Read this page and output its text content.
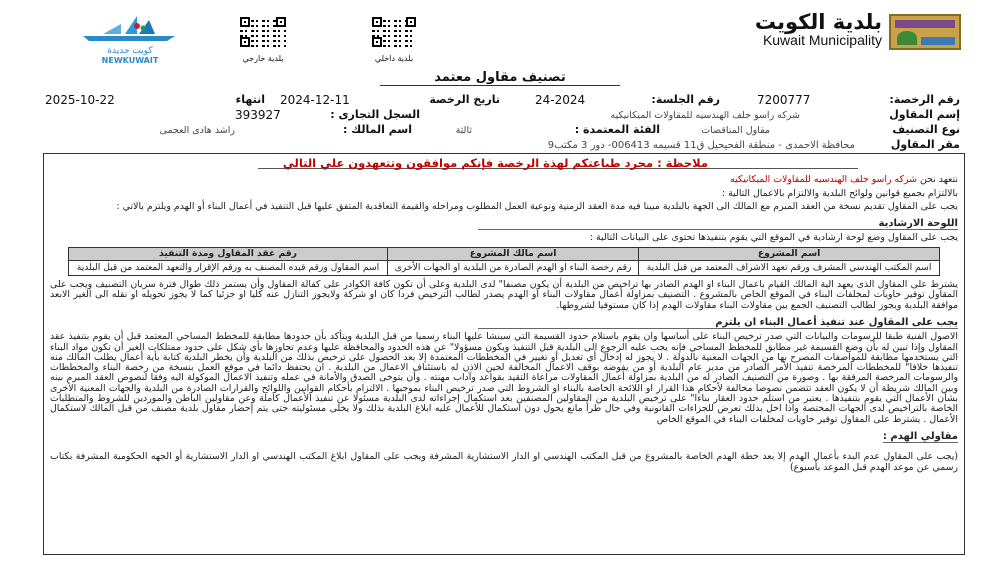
بلدية الكويت
Kuwait Municipality
بلدية داخلي
بلدية خارجي
كويت جديدة
NEWKUWAIT
تصنيف مقاول معتمد
رقم الرخصة:
7200777
رقم الجلسة:
24-2024
تاريخ الرخصة
2024-12-11
انتهاء
2025-10-22
إسم المقاول
شركه راسو جلف الهندسيه للمقاولات الميكانيكيه
السجل التجارى :
393927
نوع التصنيف
مقاول المناقصات
الفئة المعتمدة :
ثالثة
اسم المالك :
راشد هادى العجمى
مقر المقاول
محافظة الاحمدى - منطقة الفحيحيل ق11 قسيمه 006413- دور 3 مكتب9
ملاحظة : مجرد طباعتكم لهذة الرخصة فإنكم موافقون وتتعهدون علي التالي
نتعهد نحن شركه راسو جلف الهندسيه للمقاولات الميكانيكيه
بالالتزام بجميع قوانين ولوائح البلدية والالتزام بالاعمال التالية :
يجب على المقاول تقديم نسخة من العقد المبرم مع المالك الى الجهة بالبلدية مبينا فيه مدة العقد الزمنية ونوعية العمل المطلوب ومراحله والقيمة التعاقدية المتفق عليها قبل التنفيذ في أعمال البناء أو الهدم ويلتزم بالاتي :
اللوحة الارشادية
يجب على المقاول وضع لوحة ارشادية في الموقع التي يقوم بتنفيذها تحتوى على البيانات التالية :
اسم المشروع	اسم مالك المشروع	رقم عقد المقاول ومدة التنفيذ
اسم المكتب الهندسي المشرف ورقم تعهد الاشراف المعتمد من قبل البلدية	رقم رخصة البناء او الهدم الصادرة من البلدية او الجهات الأخرى	اسم المقاول ورقم قيده المصنف به ورقم الإقرار والتعهد المعتمد من قبل البلدية
يشترط على المقاول الذى يعهد الية المالك القيام باعمال البناء او الهدم الصادر بها تراخيص من البلدية أن يكون مصنفا" لدى البلدية وعلى أن تكون كافة الكوادر على كفالة المقاول وأن يستمر ذلك طوال فترة سريان التصنيف ويجب على المقاول توفير حاويات لمخلفات البناء في الموقع الخاص بالمشروع . التصنيف بمزاولة أعمال مقاولات البناء او الهدم يصدر لطالب الترخيص فردا كان او شركة ولايجوز التنازل عنه كليا او جزئيا كما لا يجوز تحويله او نقله الى الغير الابعد موافقة البلدية ويجوز لطالب التصنيف الجمع بين مقاولات البناء مقاولات الهدم إذا كان مستوفيا لشروطها.
يجب على المقاول عند تنفيذ أعمال البناء ان يلتزم
الاصول الفنية طبقا للرسومات والبيانات التي صدر ترخيص البناء على أساسها وان يقوم باستلام حدود القسيمة التي سينشا عليها البناء رسميا من قبل البلدية ويتأكد بأن حدودها مطابقة للمخطط المساحي المعتمد قبل أن يقوم بتنفيذ عقد المقاول وإذا تبين له بأن وضع القسيمة غير مطابق للمخطط المساحي فإنه يجب عليه الرجوع الى البلدية قبل التنفيذ ويكون مسؤولا" عن هذه الحدود والمحافظة عليها وعدم تجاوزها بأي شكل على حدود ممتلكات الغير أن تكون مواد البناء التي يستخدمها مطابقة للمواصفات المصرح بها من الجهات المعنية بالدولة . لا يجوز له إدخال أي تعديل أو تغيير في المخططات المعتمدة إلا بعد الحصول على ترخيص بذلك من البلدية وأن يخطر البلدية كتابة بأية أعمال يطلب المالك منه تنفيذها خلافا" للمخططات المرخصة تنفيذ الأمر الصادر من مدير عام البلدية أو من يفوضه بوقف الاعمال المخالفة لحين الاذن له باستئناف الاعمال من البلدية . ان يحتفظ دائما في موقع العمل بنسخة من رخصة البناء والمخططات والرسومات المرخصة المرفقة بها . وصورة من التصنيف الصادر له من البلدية بمزاولة أعمال المقاولات مراعاة التقيد بقواعد وآداب مهنته . وأن يتوخى الصدق والأمانة في عمله وتنفيذ الاعمال الموكولة اليه وفقا لنصوص العقد المبرم بينه وبين المالك شريطة أن لا يكون العقد تتضمن نصوصا مخالفة لأحكام هذا القرار او اللائحة الخاصة بالبناء او الشروط التي صدر ترخيص البناء بموجبها . الالتزام بأحكام القوانين واللوائح والقرارات الصادرة من البلدية والجهات المعنية الأخرى بشأن الأعمال التي يقوم بتنفيذها . يعتبر من استلم حدود العقار بناءا" على ترخيص البلدية من المقاولين المصنفين بعد استكمال إجراءاته لدى البلدية مسئولا عن تنفيذ الأعمال كاملة وعن مقاولين الباطن والموردين للشروط والمتطلبات الخاصة بالتراخيص لدى الجهات المختصة واذا اخل بذلك تعرض للجزاءات القانونية وفي حال طرأ مانع يحول دون استكمال للأعمال عليه ابلاغ البلدية بذلك ولا يخلى مسئوليته حتى يتم إحضار مقاول بلدية مصنف من قبل المالك لاستكمال الأعمال . يشترط على المقاول توفير حاويات لمخلفات البناء في الموقع الخاص
مقاولي الهدم :
(يجب على المقاول عدم البدء بأعمال الهدم إلا بعد خطة الهدم الخاصة بالمشروع من قبل المكتب الهندسي او الدار الاستشارية المشرفة ويجب على المقاول ابلاغ المكتب الهندسي او الدار الاستشارية أو الجهه الحكومية المشرفة بكتاب رسمي عن موعد الهدم قبل الموعد بأسبوع)
